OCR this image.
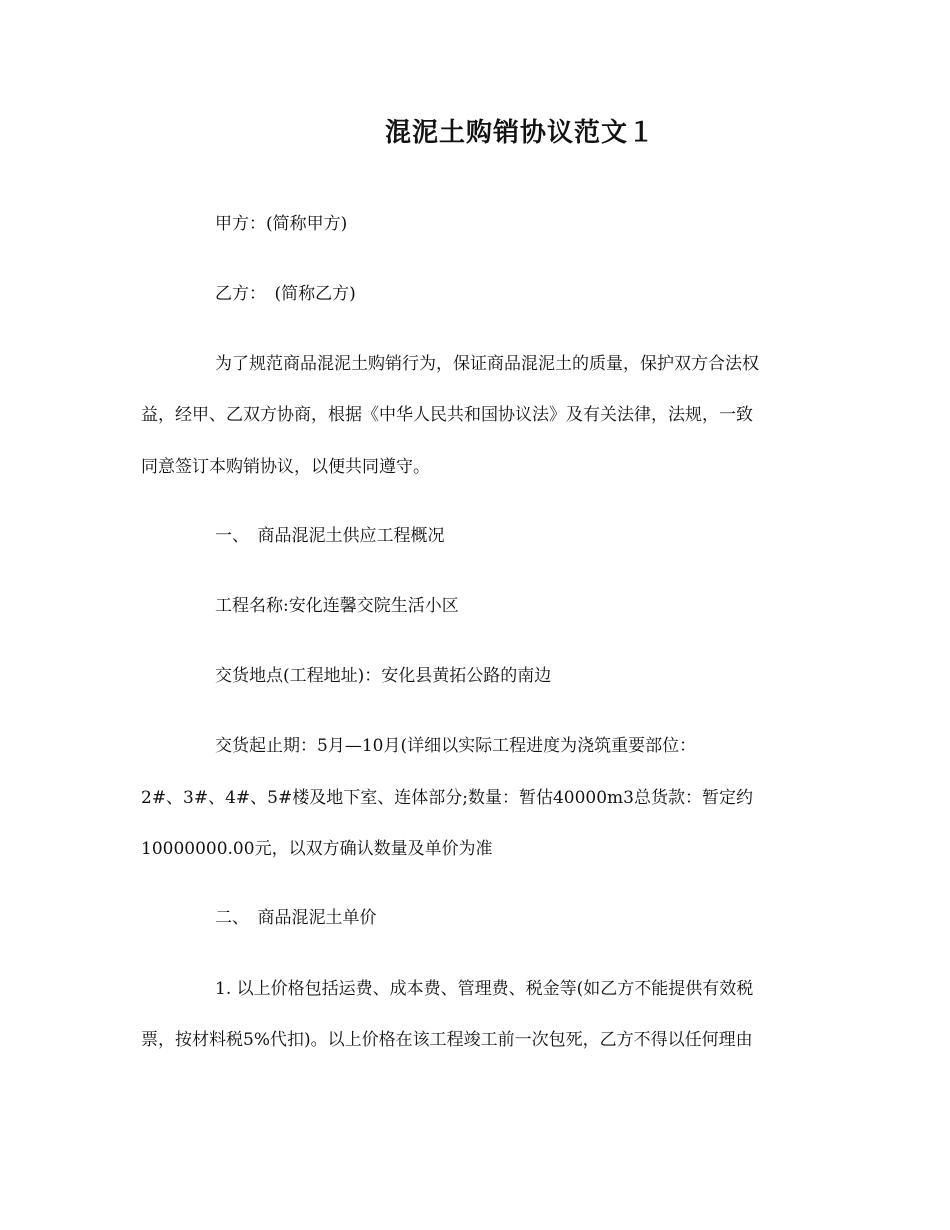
混泥土购销协议范文１
甲方：(简称甲方)
乙方：　(简称乙方)
为了规范商品混泥土购销行为，保证商品混泥土的质量，保护双方合法权
益，经甲、乙双方协商，根据《中华人民共和国协议法》及有关法律，法规，一致
同意签订本购销协议，以便共同遵守。
一、　商品混泥土供应工程概况
工程名称:安化连馨交院生活小区
交货地点(工程地址)：安化县黄拓公路的南边
交货起止期：5月—10月(详细以实际工程进度为浇筑重要部位：
2#、3#、4#、5#楼及地下室、连体部分;数量：暂估40000m3总货款：暂定约
10000000.00元，以双方确认数量及单价为准
二、　商品混泥土单价
1. 以上价格包括运费、成本费、管理费、税金等(如乙方不能提供有效税
票，按材料税5%代扣)。以上价格在该工程竣工前一次包死，乙方不得以任何理由
